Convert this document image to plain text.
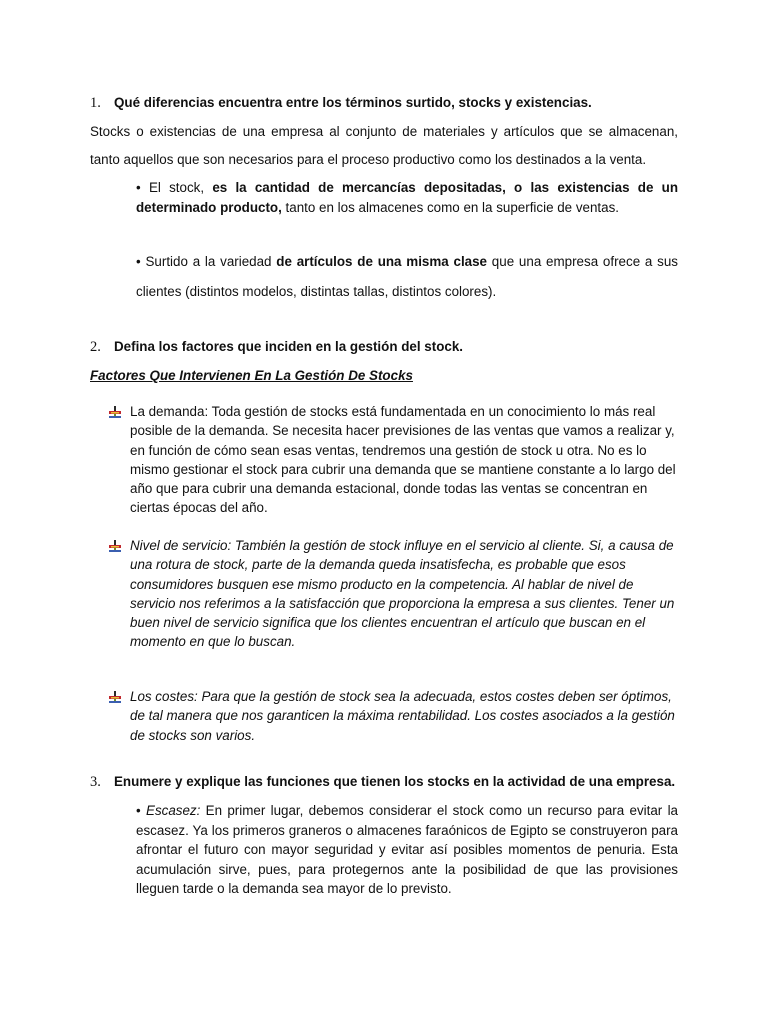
1. Qué diferencias encuentra entre los términos surtido, stocks y existencias.
Stocks o existencias de una empresa al conjunto de materiales y artículos que se almacenan,
tanto aquellos que son necesarios para el proceso productivo como los destinados a la venta.
• El stock, es la cantidad de mercancías depositadas, o las existencias de un determinado producto, tanto en los almacenes como en la superficie de ventas.
• Surtido a la variedad de artículos de una misma clase que una empresa ofrece a sus clientes (distintos modelos, distintas tallas, distintos colores).
2. Defina los factores que inciden en la gestión del stock.
Factores Que Intervienen En La Gestión De Stocks
La demanda: Toda gestión de stocks está fundamentada en un conocimiento lo más real posible de la demanda. Se necesita hacer previsiones de las ventas que vamos a realizar y, en función de cómo sean esas ventas, tendremos una gestión de stock u otra. No es lo mismo gestionar el stock para cubrir una demanda que se mantiene constante a lo largo del año que para cubrir una demanda estacional, donde todas las ventas se concentran en ciertas épocas del año.
Nivel de servicio: También la gestión de stock influye en el servicio al cliente. Si, a causa de una rotura de stock, parte de la demanda queda insatisfecha, es probable que esos consumidores busquen ese mismo producto en la competencia. Al hablar de nivel de servicio nos referimos a la satisfacción que proporciona la empresa a sus clientes. Tener un buen nivel de servicio significa que los clientes encuentran el artículo que buscan en el momento en que lo buscan.
Los costes: Para que la gestión de stock sea la adecuada, estos costes deben ser óptimos, de tal manera que nos garanticen la máxima rentabilidad. Los costes asociados a la gestión de stocks son varios.
3. Enumere y explique las funciones que tienen los stocks en la actividad de una empresa.
• Escasez: En primer lugar, debemos considerar el stock como un recurso para evitar la escasez. Ya los primeros graneros o almacenes faraónicos de Egipto se construyeron para afrontar el futuro con mayor seguridad y evitar así posibles momentos de penuria. Esta acumulación sirve, pues, para protegernos ante la posibilidad de que las provisiones lleguen tarde o la demanda sea mayor de lo previsto.
